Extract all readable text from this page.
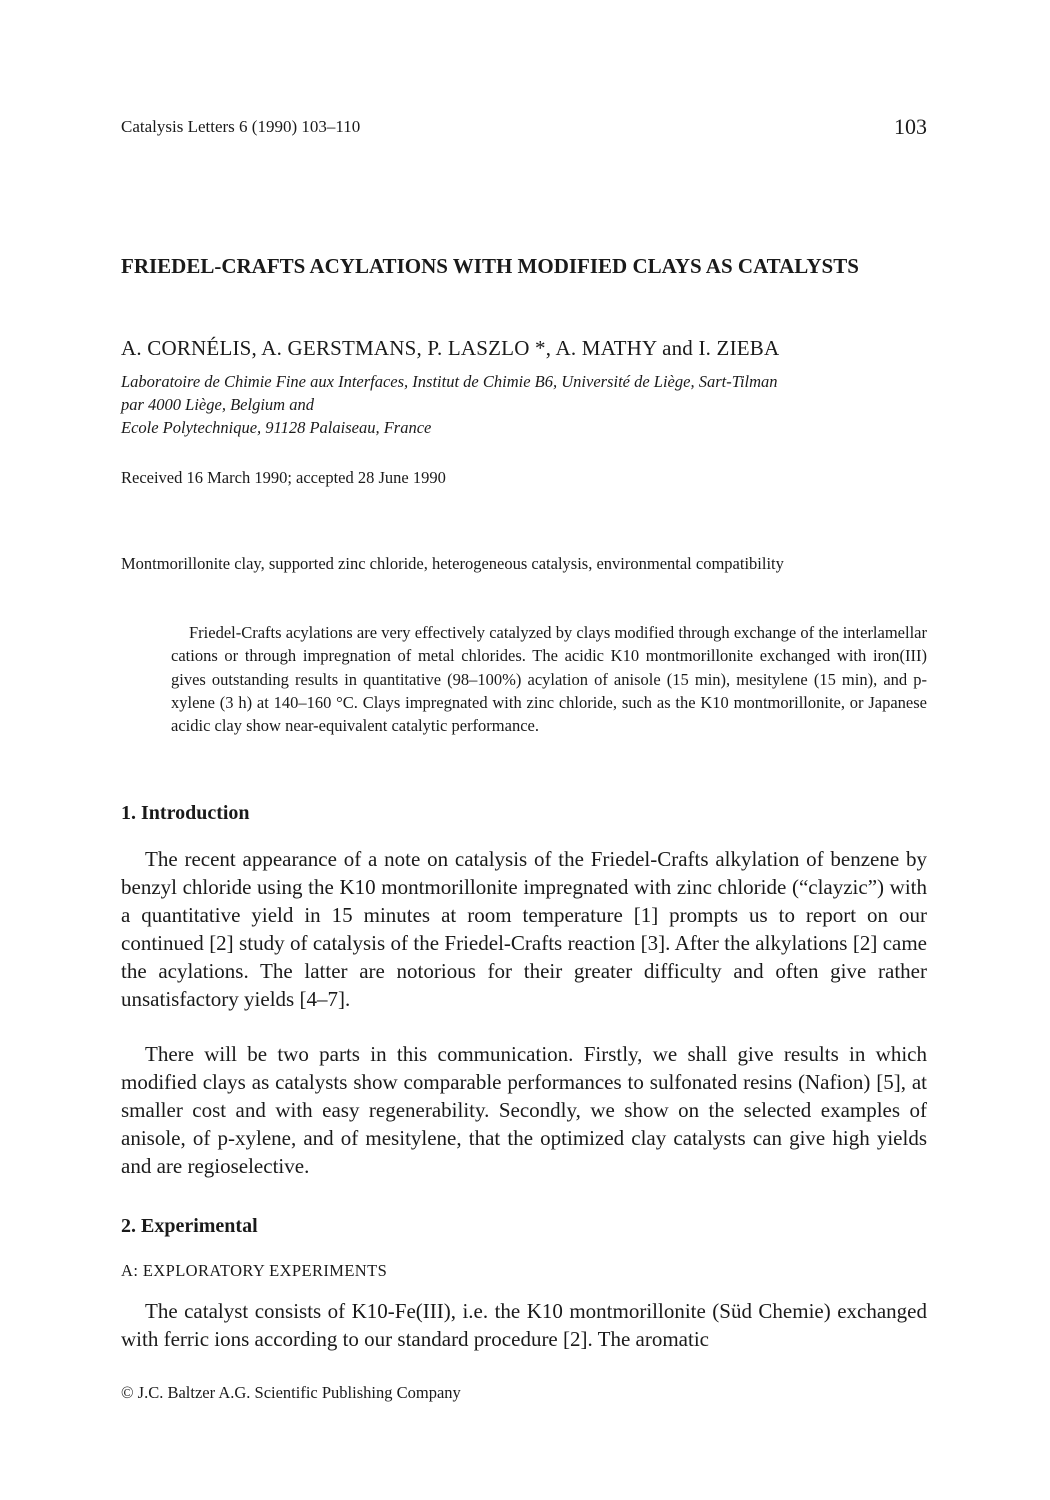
Catalysis Letters 6 (1990) 103–110	103
FRIEDEL-CRAFTS ACYLATIONS WITH MODIFIED CLAYS AS CATALYSTS
A. CORNÉLIS, A. GERSTMANS, P. LASZLO *, A. MATHY and I. ZIEBA
Laboratoire de Chimie Fine aux Interfaces, Institut de Chimie B6, Université de Liège, Sart-Tilman
par 4000 Liège, Belgium and
Ecole Polytechnique, 91128 Palaiseau, France
Received 16 March 1990; accepted 28 June 1990
Montmorillonite clay, supported zinc chloride, heterogeneous catalysis, environmental compatibility
Friedel-Crafts acylations are very effectively catalyzed by clays modified through exchange of the interlamellar cations or through impregnation of metal chlorides. The acidic K10 montmorillonite exchanged with iron(III) gives outstanding results in quantitative (98–100%) acylation of anisole (15 min), mesitylene (15 min), and p-xylene (3 h) at 140–160 °C. Clays impregnated with zinc chloride, such as the K10 montmorillonite, or Japanese acidic clay show near-equivalent catalytic performance.
1. Introduction
The recent appearance of a note on catalysis of the Friedel-Crafts alkylation of benzene by benzyl chloride using the K10 montmorillonite impregnated with zinc chloride (“clayzic”) with a quantitative yield in 15 minutes at room temperature [1] prompts us to report on our continued [2] study of catalysis of the Friedel-Crafts reaction [3]. After the alkylations [2] came the acylations. The latter are notorious for their greater difficulty and often give rather unsatisfactory yields [4–7].
There will be two parts in this communication. Firstly, we shall give results in which modified clays as catalysts show comparable performances to sulfonated resins (Nafion) [5], at smaller cost and with easy regenerability. Secondly, we show on the selected examples of anisole, of p-xylene, and of mesitylene, that the optimized clay catalysts can give high yields and are regioselective.
2. Experimental
A: EXPLORATORY EXPERIMENTS
The catalyst consists of K10-Fe(III), i.e. the K10 montmorillonite (Süd Chemie) exchanged with ferric ions according to our standard procedure [2]. The aromatic
© J.C. Baltzer A.G. Scientific Publishing Company
